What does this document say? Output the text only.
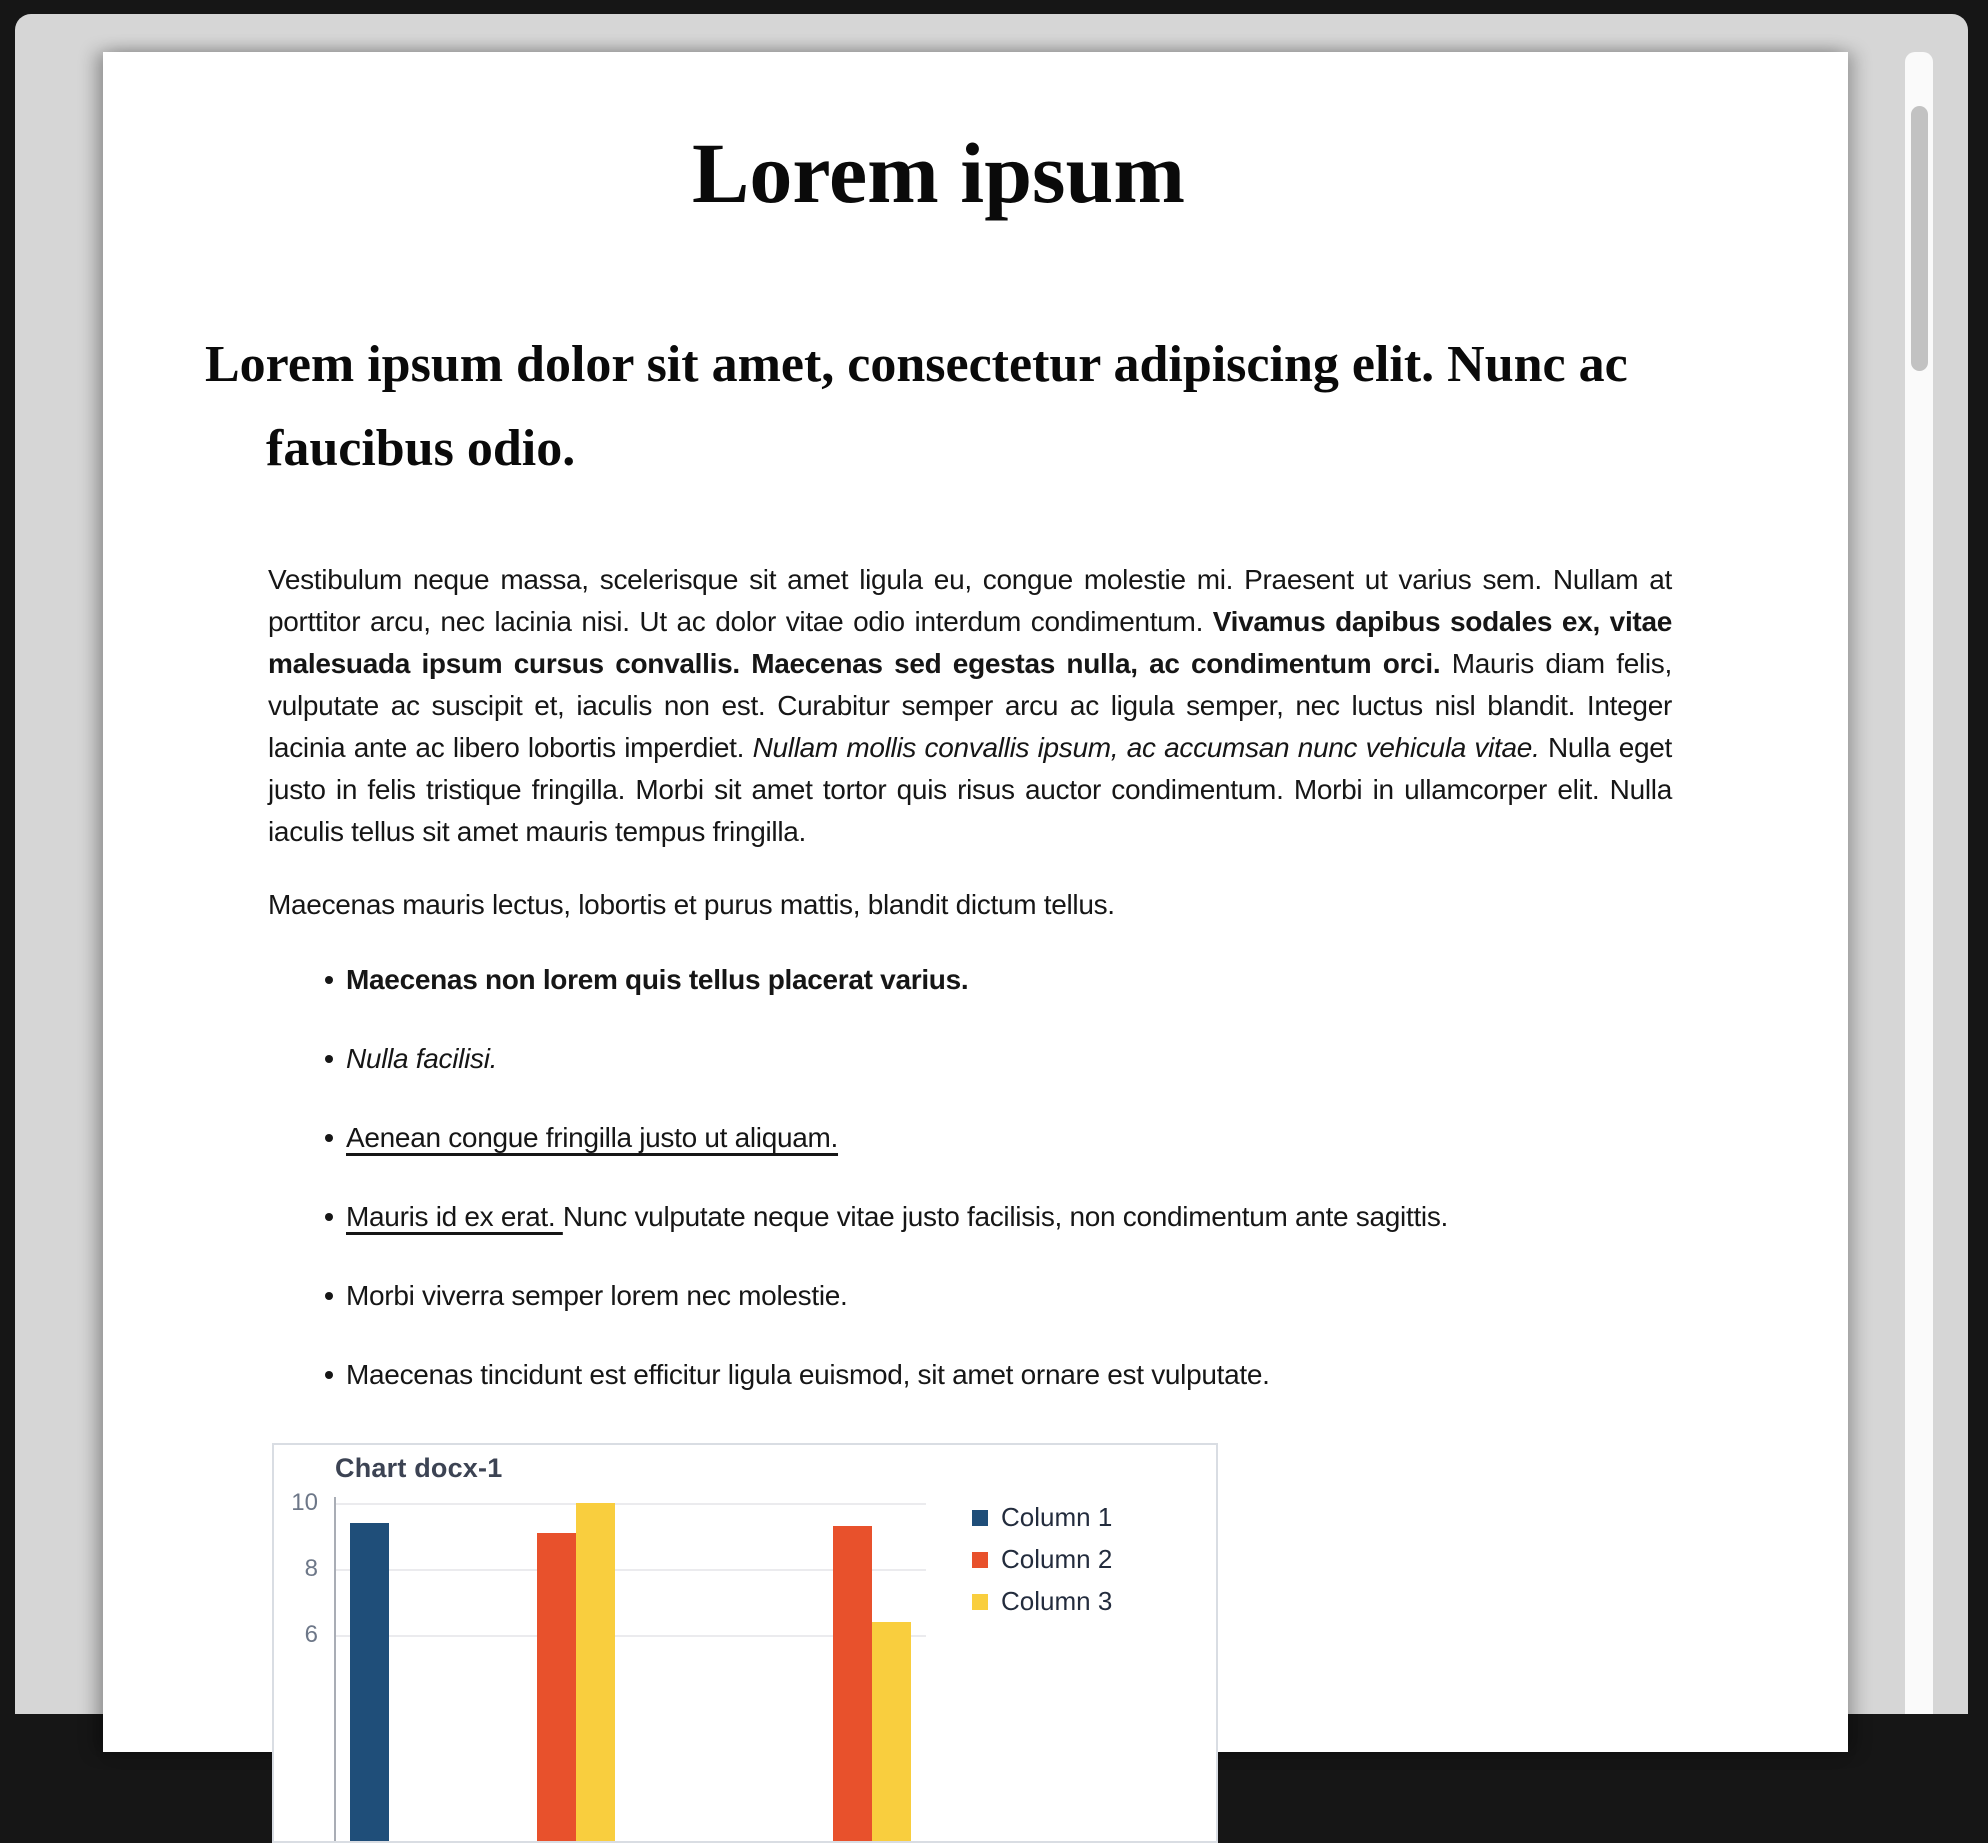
Lorem ipsum
Lorem ipsum dolor sit amet, consectetur adipiscing elit. Nunc ac faucibus odio.

Vestibulum neque massa, scelerisque sit amet ligula eu, congue molestie mi. Praesent ut varius sem. Nullam at porttitor arcu, nec lacinia nisi. Ut ac dolor vitae odio interdum condimentum. Vivamus dapibus sodales ex, vitae malesuada ipsum cursus convallis. Maecenas sed egestas nulla, ac condimentum orci. Mauris diam felis, vulputate ac suscipit et, iaculis non est. Curabitur semper arcu ac ligula semper, nec luctus nisl blandit. Integer lacinia ante ac libero lobortis imperdiet. Nullam mollis convallis ipsum, ac accumsan nunc vehicula vitae. Nulla eget justo in felis tristique fringilla. Morbi sit amet tortor quis risus auctor condimentum. Morbi in ullamcorper elit. Nulla iaculis tellus sit amet mauris tempus fringilla.

Maecenas mauris lectus, lobortis et purus mattis, blandit dictum tellus.

Maecenas non lorem quis tellus placerat varius.
Nulla facilisi.
Aenean congue fringilla justo ut aliquam.
Mauris id ex erat. Nunc vulputate neque vitae justo facilisis, non condimentum ante sagittis.
Morbi viverra semper lorem nec molestie.
Maecenas tincidunt est efficitur ligula euismod, sit amet ornare est vulputate.
Chart docx-1
10
8
6
Column 1
Column 2
Column 3
